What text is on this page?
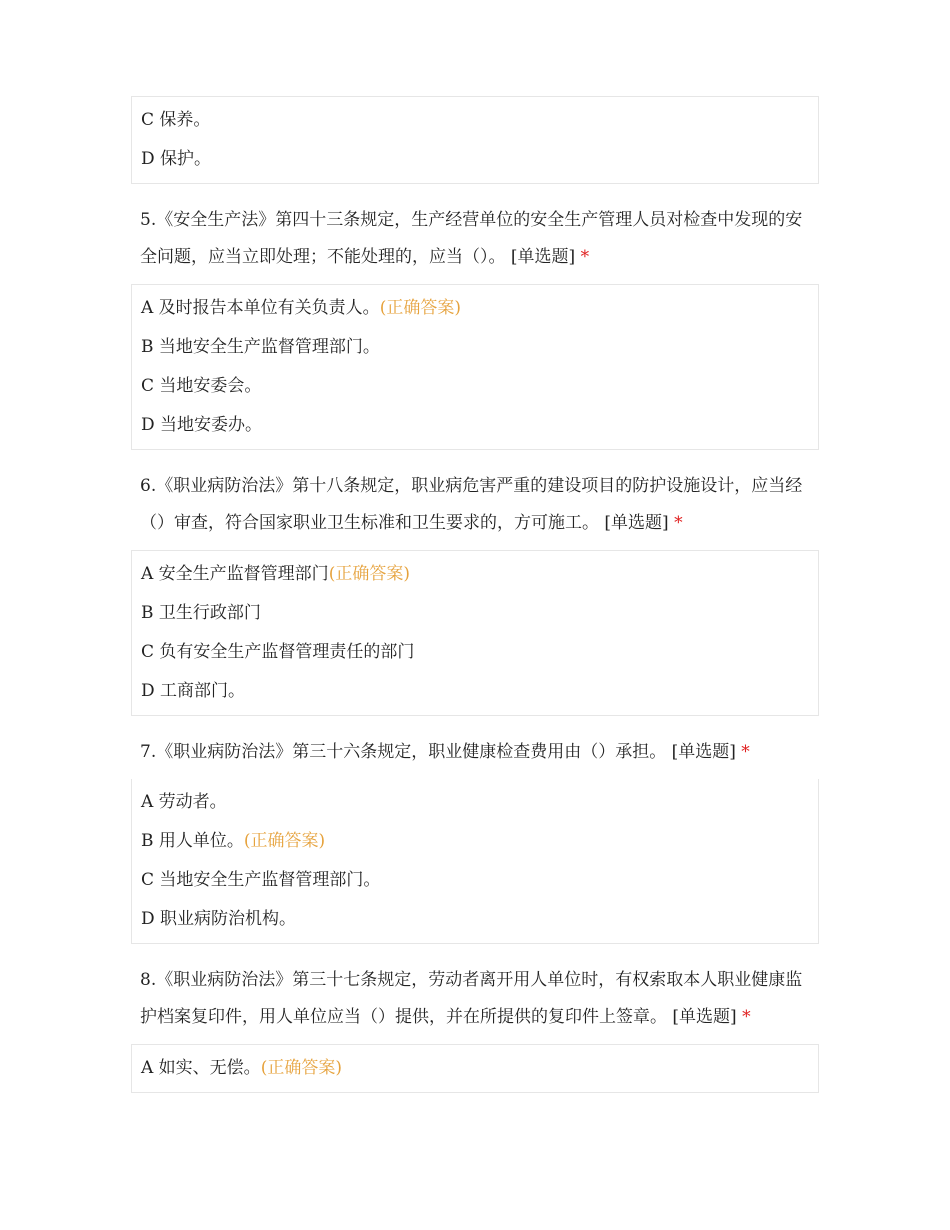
C 保养。
D 保护。
5.《安全生产法》第四十三条规定，生产经营单位的安全生产管理人员对检查中发现的安全问题，应当立即处理；不能处理的，应当（）。 [单选题] *
A 及时报告本单位有关负责人。(正确答案)
B 当地安全生产监督管理部门。
C 当地安委会。
D 当地安委办。
6.《职业病防治法》第十八条规定，职业病危害严重的建设项目的防护设施设计，应当经（）审查，符合国家职业卫生标准和卫生要求的，方可施工。 [单选题] *
A 安全生产监督管理部门(正确答案)
B 卫生行政部门
C 负有安全生产监督管理责任的部门
D 工商部门。
7.《职业病防治法》第三十六条规定，职业健康检查费用由（）承担。 [单选题] *
A 劳动者。
B 用人单位。(正确答案)
C 当地安全生产监督管理部门。
D 职业病防治机构。
8.《职业病防治法》第三十七条规定，劳动者离开用人单位时，有权索取本人职业健康监护档案复印件，用人单位应当（）提供，并在所提供的复印件上签章。 [单选题] *
A 如实、无偿。(正确答案)
